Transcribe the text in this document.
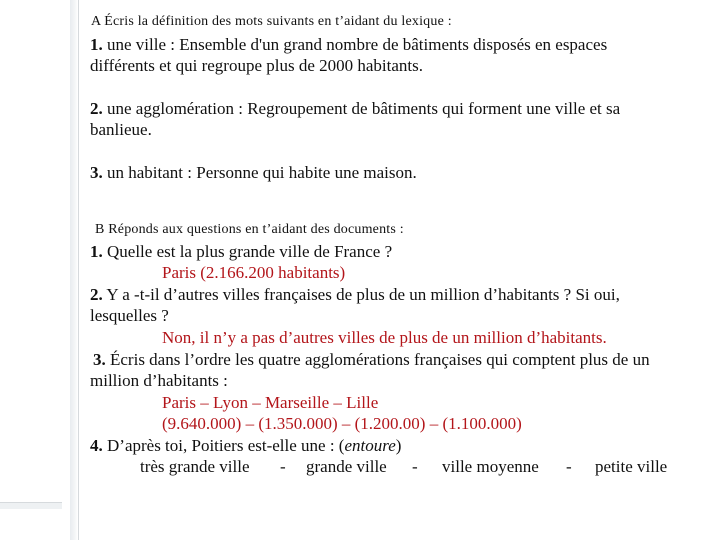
A Écris la définition des mots suivants en t’aidant du lexique :
1. une ville : Ensemble d'un grand nombre de bâtiments disposés en espaces
différents et qui regroupe plus de 2000 habitants.
2. une agglomération : Regroupement de bâtiments qui forment une ville et sa
banlieue.
3. un habitant : Personne qui habite une maison.
B Réponds aux questions en t’aidant des documents :
1. Quelle est la plus grande ville de France ?
Paris (2.166.200 habitants)
2. Y a -t-il d’autres villes françaises de plus de un million d’habitants ? Si oui,
lesquelles ?
Non, il n’y a pas d’autres villes de plus de un million d’habitants.
3. Écris dans l’ordre les quatre agglomérations françaises qui comptent plus de un
million d’habitants :
Paris – Lyon – Marseille – Lille
(9.640.000) – (1.350.000) – (1.200.00) – (1.100.000)
4. D’après toi, Poitiers est-elle une : (entoure)
très grande ville - grande ville - ville moyenne - petite ville
